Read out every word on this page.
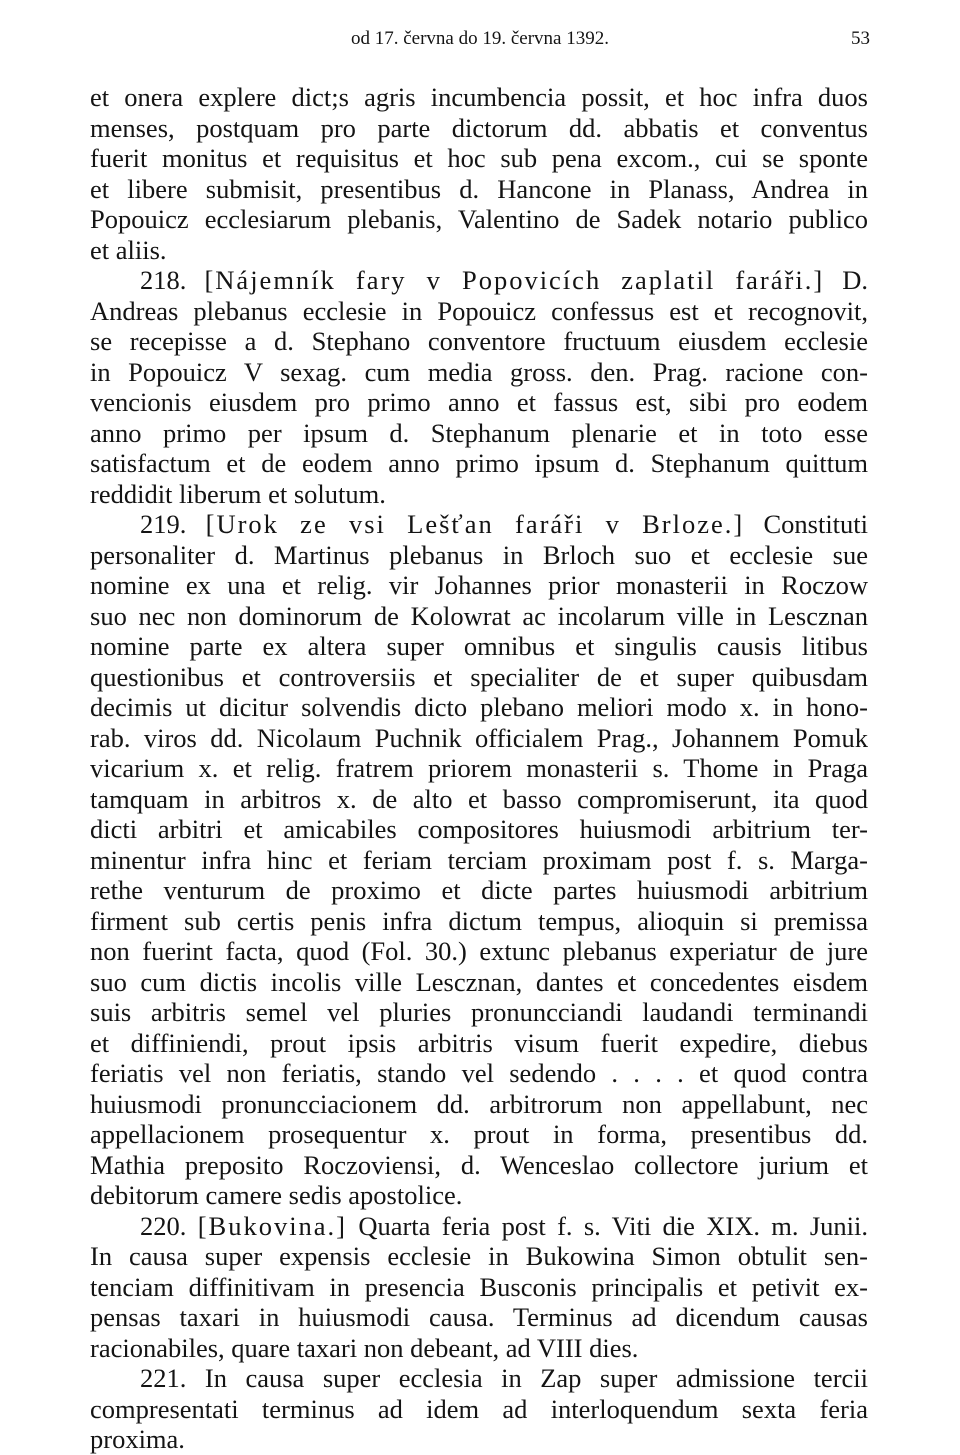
od 17. června do 19. června 1392.	53
et onera explere dict;s agris incumbencia possit, et hoc infra duos
menses, postquam pro parte dictorum dd. abbatis et conventus
fuerit monitus et requisitus et hoc sub pena excom., cui se sponte
et libere submisit, presentibus d. Hancone in Planass, Andrea in
Popouicz ecclesiarum plebanis, Valentino de Sadek notario publico
et aliis.
218. [Nájemník fary v Popovicích zaplatil faráři.] D.
Andreas plebanus ecclesie in Popouicz confessus est et recognovit,
se recepisse a d. Stephano conventore fructuum eiusdem ecclesie
in Popouicz V sexag. cum media gross. den. Prag. racione con-
vencionis eiusdem pro primo anno et fassus est, sibi pro eodem
anno primo per ipsum d. Stephanum plenarie et in toto esse
satisfactum et de eodem anno primo ipsum d. Stephanum quittum
reddidit liberum et solutum.
219. [Urok ze vsi Lešťan faráři v Brloze.] Constituti
personaliter d. Martinus plebanus in Brloch suo et ecclesie sue
nomine ex una et relig. vir Johannes prior monasterii in Roczow
suo nec non dominorum de Kolowrat ac incolarum ville in Lescznan
nomine parte ex altera super omnibus et singulis causis litibus
questionibus et controversiis et specialiter de et super quibusdam
decimis ut dicitur solvendis dicto plebano meliori modo x. in hono-
rab. viros dd. Nicolaum Puchnik officialem Prag., Johannem Pomuk
vicarium x. et relig. fratrem priorem monasterii s. Thome in Praga
tamquam in arbitros x. de alto et basso compromiserunt, ita quod
dicti arbitri et amicabiles compositores huiusmodi arbitrium ter-
minentur infra hinc et feriam terciam proximam post f. s. Marga-
rethe venturum de proximo et dicte partes huiusmodi arbitrium
firment sub certis penis infra dictum tempus, alioquin si premissa
non fuerint facta, quod (Fol. 30.) extunc plebanus experiatur de jure
suo cum dictis incolis ville Lescznan, dantes et concedentes eisdem
suis arbitris semel vel pluries pronuncciandi laudandi terminandi
et diffiniendi, prout ipsis arbitris visum fuerit expedire, diebus
feriatis vel non feriatis, stando vel sedendo . . . . et quod contra
huiusmodi pronuncciacionem dd. arbitrorum non appellabunt, nec
appellacionem prosequentur x. prout in forma, presentibus dd.
Mathia preposito Roczoviensi, d. Wenceslao collectore jurium et
debitorum camere sedis apostolice.
220. [Bukovina.] Quarta feria post f. s. Viti die XIX. m. Junii.
In causa super expensis ecclesie in Bukowina Simon obtulit sen-
tenciam diffinitivam in presencia Busconis principalis et petivit ex-
pensas taxari in huiusmodi causa. Terminus ad dicendum causas
racionabiles, quare taxari non debeant, ad VIII dies.
221. In causa super ecclesia in Zap super admissione tercii
compresentati terminus ad idem ad interloquendum sexta feria
proxima.
